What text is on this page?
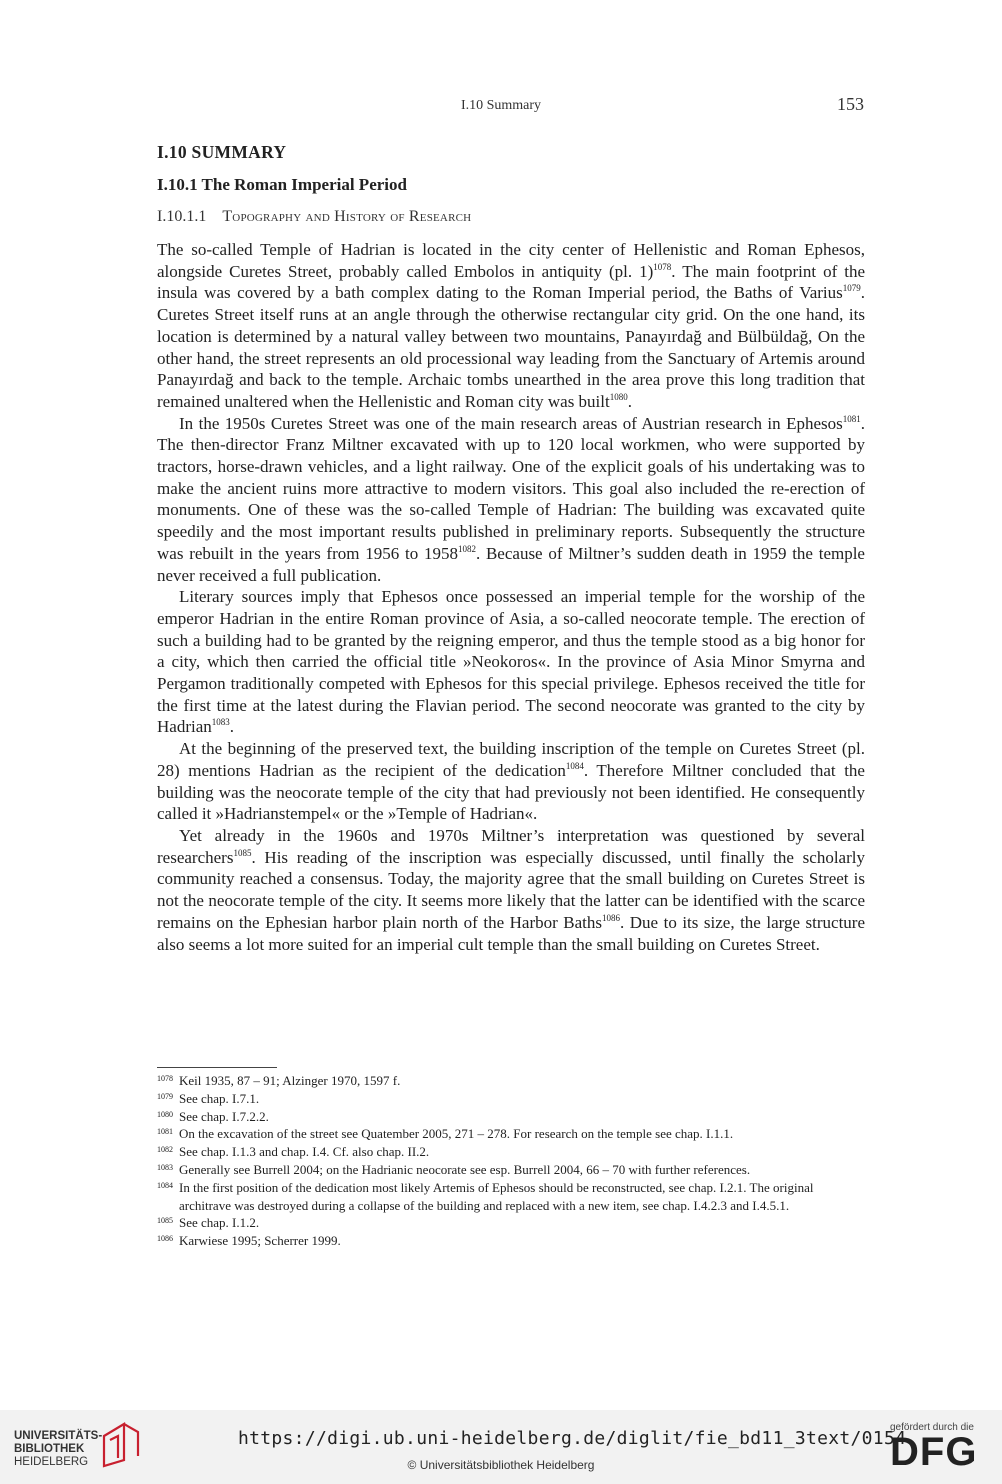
I.10 Summary	153
I.10 SUMMARY
I.10.1 The Roman Imperial Period
I.10.1.1 Topography and History of Research

The so-called Temple of Hadrian is located in the city center of Hellenistic and Roman Ephesos, alongside Curetes Street, probably called Embolos in antiquity (pl. 1)$^{1078}$. The main footprint of the insula was covered by a bath complex dating to the Roman Imperial period, the Baths of Varius$^{1079}$. Curetes Street itself runs at an angle through the otherwise rectangular city grid. On the one hand, its location is determined by a natural valley between two mountains, Panayırdağ and Bülbüldağ, On the other hand, the street represents an old processional way leading from the Sanctuary of Artemis around Panayırdağ and back to the temple. Archaic tombs unearthed in the area prove this long tradition that remained unaltered when the Hellenistic and Roman city was built$^{1080}$.

In the 1950s Curetes Street was one of the main research areas of Austrian research in Ephesos$^{1081}$. The then-director Franz Miltner excavated with up to 120 local workmen, who were supported by tractors, horse-drawn vehicles, and a light railway. One of the explicit goals of his undertaking was to make the ancient ruins more attractive to modern visitors. This goal also included the re-erection of monuments. One of these was the so-called Temple of Hadrian: The building was excavated quite speedily and the most important results published in preliminary reports. Subsequently the structure was rebuilt in the years from 1956 to $1958^{1082}$. Because of Miltner’s sudden death in 1959 the temple never received a full publication.

Literary sources imply that Ephesos once possessed an imperial temple for the worship of the emperor Hadrian in the entire Roman province of Asia, a so-called neocorate temple. The erection of such a building had to be granted by the reigning emperor, and thus the temple stood as a big honor for a city, which then carried the official title »Neokoros«. In the province of Asia Minor Smyrna and Pergamon traditionally competed with Ephesos for this special privilege. Ephesos received the title for the first time at the latest during the Flavian period. The second neocorate was granted to the city by Hadrian$^{1083}$.

At the beginning of the preserved text, the building inscription of the temple on Curetes Street (pl. 28) mentions Hadrian as the recipient of the dedication$^{1084}$. Therefore Miltner concluded that the building was the neocorate temple of the city that had previously not been identified. He consequently called it »Hadrianstempel« or the »Temple of Hadrian«.

Yet already in the 1960s and 1970s Miltner’s interpretation was questioned by several researchers$^{1085}$. His reading of the inscription was especially discussed, until finally the scholarly community reached a consensus. Today, the majority agree that the small building on Curetes Street is not the neocorate temple of the city. It seems more likely that the latter can be identified with the scarce remains on the Ephesian harbor plain north of the Harbor Baths$^{1086}$. Due to its size, the large structure also seems a lot more suited for an imperial cult temple than the small building on Curetes Street.

1078 Keil 1935, 87 – 91; Alzinger 1970, 1597 f.
1079 See chap. I.7.1.
1080 See chap. I.7.2.2.
1081 On the excavation of the street see Quatember 2005, 271 – 278. For research on the temple see chap. I.1.1.
1082 See chap. I.1.3 and chap. I.4. Cf. also chap. II.2.
1083 Generally see Burrell 2004; on the Hadrianic neocorate see esp. Burrell 2004, 66 – 70 with further references.
1084 In the first position of the dedication most likely Artemis of Ephesos should be reconstructed, see chap. I.2.1. The original architrave was destroyed during a collapse of the building and replaced with a new item, see chap. I.4.2.3 and I.4.5.1.
1085 See chap. I.1.2.
1086 Karwiese 1995; Scherrer 1999.
UNIVERSITÄTS-
BIBLIOTHEK
HEIDELBERG
https://digi.ub.uni-heidelberg.de/diglit/fie_bd11_3text/0154
© Universitätsbibliothek Heidelberg
gefördert durch die
DFG
